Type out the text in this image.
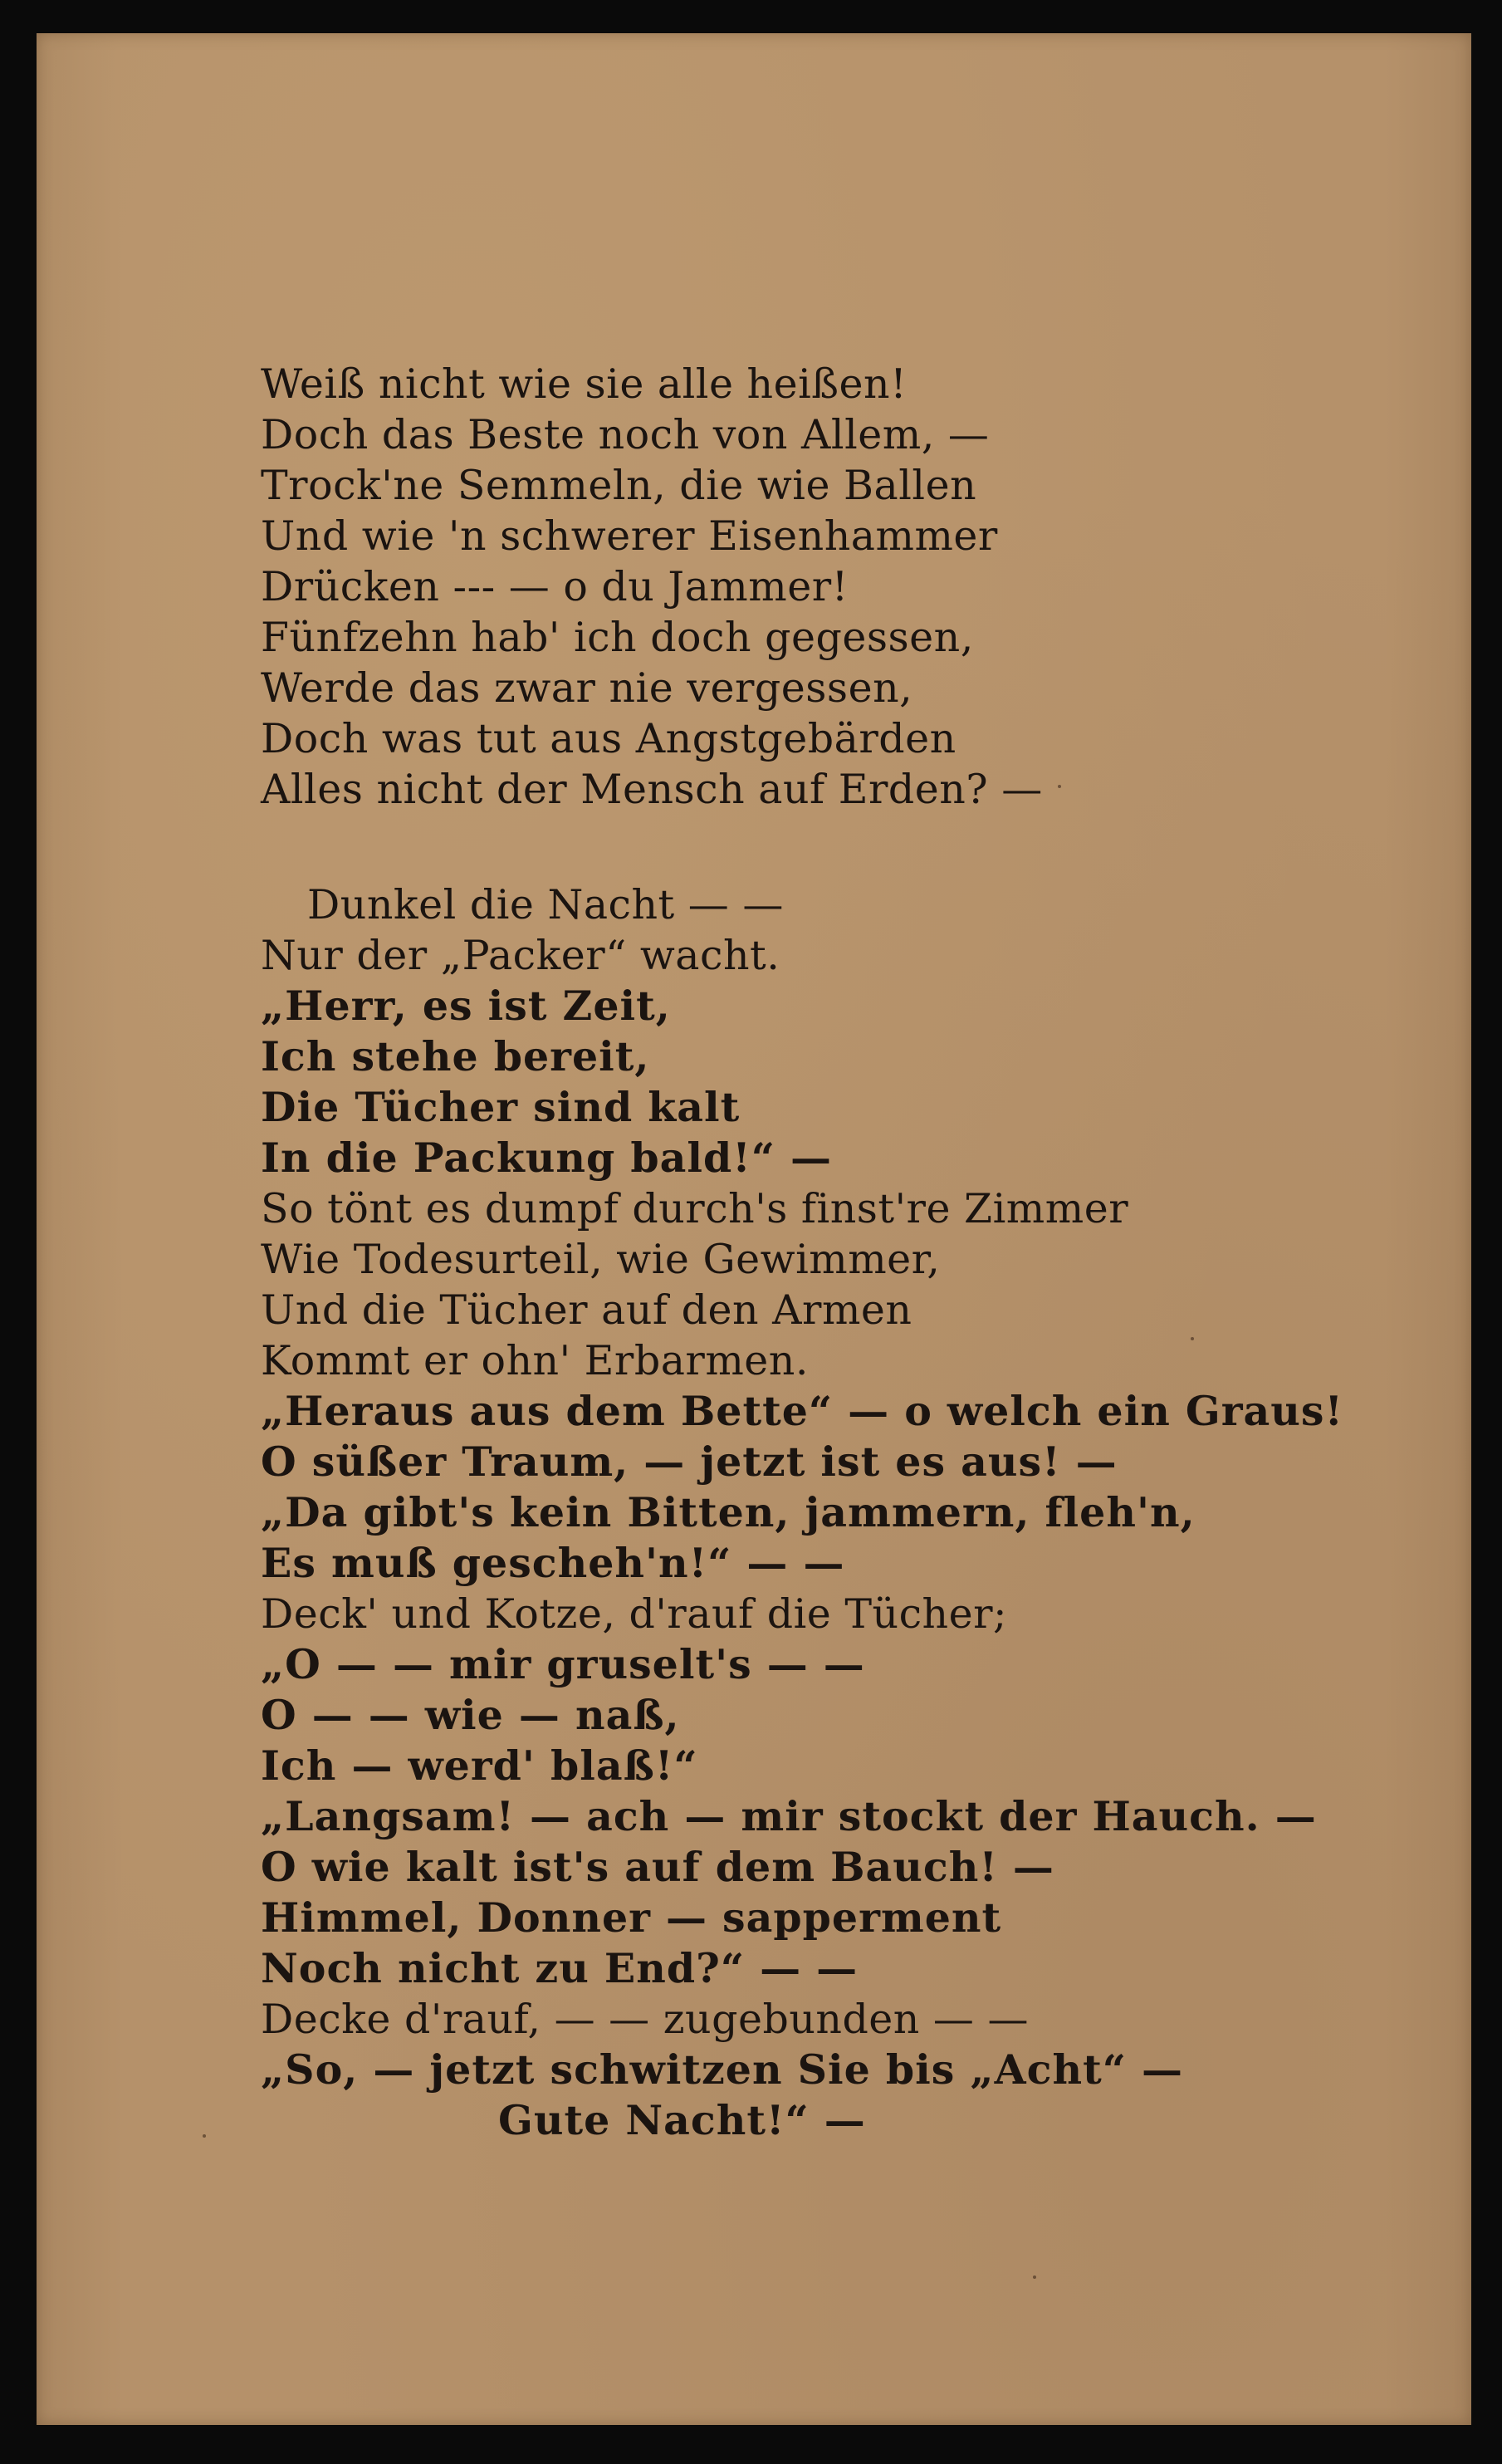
Weiß nicht wie sie alle heißen!
Doch das Beste noch von Allem, —
Trock'ne Semmeln, die wie Ballen
Und wie 'n schwerer Eisenhammer
Drücken --- — o du Jammer!
Fünfzehn hab' ich doch gegessen,
Werde das zwar nie vergessen,
Doch was tut aus Angstgebärden
Alles nicht der Mensch auf Erden? —
Dunkel die Nacht — —
Nur der „Packer“ wacht.
„Herr, es ist Zeit,
Ich stehe bereit,
Die Tücher sind kalt
In die Packung bald!“ —
So tönt es dumpf durch's finst're Zimmer
Wie Todesurteil, wie Gewimmer,
Und die Tücher auf den Armen
Kommt er ohn' Erbarmen.
„Heraus aus dem Bette“ — o welch ein Graus!
O süßer Traum, — jetzt ist es aus! —
„Da gibt's kein Bitten, jammern, fleh'n,
Es muß gescheh'n!“ — —
Deck' und Kotze, d'rauf die Tücher;
„O — — mir gruselt's — —
O — — wie — naß,
Ich — werd' blaß!“
„Langsam! — ach — mir stockt der Hauch. —
O wie kalt ist's auf dem Bauch! —
Himmel, Donner — sapperment
Noch nicht zu End?“ — —
Decke d'rauf, — — zugebunden — —
„So, — jetzt schwitzen Sie bis „Acht“ —
Gute Nacht!“ —
